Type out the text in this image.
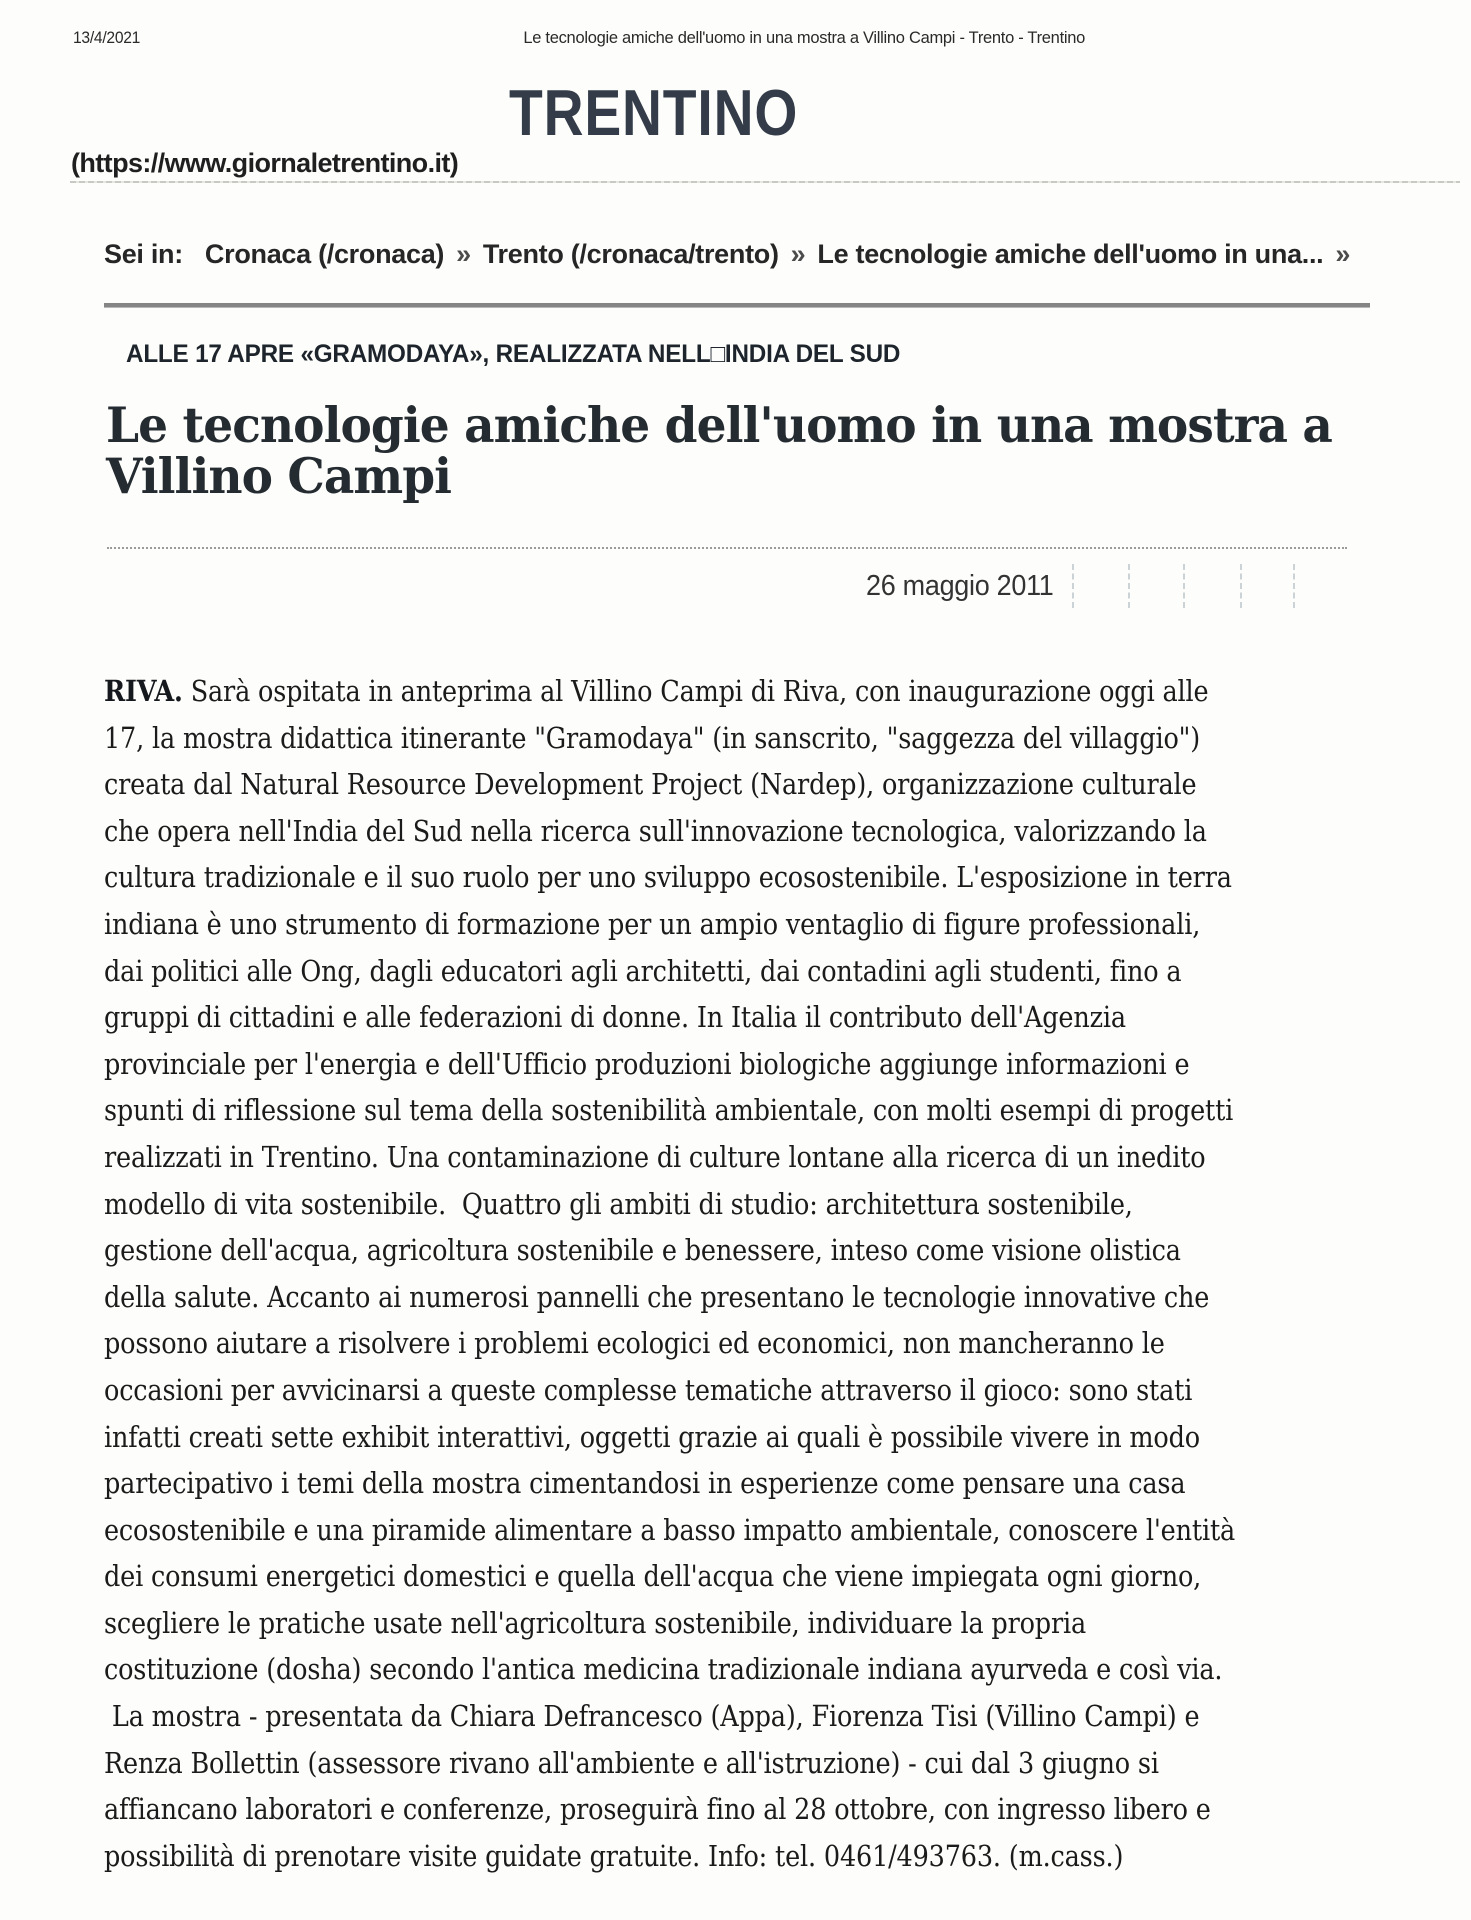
13/4/2021	Le tecnologie amiche dell'uomo in una mostra a Villino Campi - Trento - Trentino
TRENTINO
(https://www.giornaletrentino.it)
Sei in: Cronaca (/cronaca) » Trento (/cronaca/trento) » Le tecnologie amiche dell'uomo in una... »
ALLE 17 APRE «GRAMODAYA», REALIZZATA NELL□INDIA DEL SUD
Le tecnologie amiche dell'uomo in una mostra a
Villino Campi
26 maggio 2011
RIVA. Sarà ospitata in anteprima al Villino Campi di Riva, con inaugurazione oggi alle
17, la mostra didattica itinerante "Gramodaya" (in sanscrito, "saggezza del villaggio")
creata dal Natural Resource Development Project (Nardep), organizzazione culturale
che opera nell'India del Sud nella ricerca sull'innovazione tecnologica, valorizzando la
cultura tradizionale e il suo ruolo per uno sviluppo ecosostenibile. L'esposizione in terra
indiana è uno strumento di formazione per un ampio ventaglio di figure professionali,
dai politici alle Ong, dagli educatori agli architetti, dai contadini agli studenti, fino a
gruppi di cittadini e alle federazioni di donne. In Italia il contributo dell'Agenzia
provinciale per l'energia e dell'Ufficio produzioni biologiche aggiunge informazioni e
spunti di riflessione sul tema della sostenibilità ambientale, con molti esempi di progetti
realizzati in Trentino. Una contaminazione di culture lontane alla ricerca di un inedito
modello di vita sostenibile.  Quattro gli ambiti di studio: architettura sostenibile,
gestione dell'acqua, agricoltura sostenibile e benessere, inteso come visione olistica
della salute. Accanto ai numerosi pannelli che presentano le tecnologie innovative che
possono aiutare a risolvere i problemi ecologici ed economici, non mancheranno le
occasioni per avvicinarsi a queste complesse tematiche attraverso il gioco: sono stati
infatti creati sette exhibit interattivi, oggetti grazie ai quali è possibile vivere in modo
partecipativo i temi della mostra cimentandosi in esperienze come pensare una casa
ecosostenibile e una piramide alimentare a basso impatto ambientale, conoscere l'entità
dei consumi energetici domestici e quella dell'acqua che viene impiegata ogni giorno,
scegliere le pratiche usate nell'agricoltura sostenibile, individuare la propria
costituzione (dosha) secondo l'antica medicina tradizionale indiana ayurveda e così via.
La mostra - presentata da Chiara Defrancesco (Appa), Fiorenza Tisi (Villino Campi) e
Renza Bollettin (assessore rivano all'ambiente e all'istruzione) - cui dal 3 giugno si
affiancano laboratori e conferenze, proseguirà fino al 28 ottobre, con ingresso libero e
possibilità di prenotare visite guidate gratuite. Info: tel. 0461/493763. (m.cass.)
